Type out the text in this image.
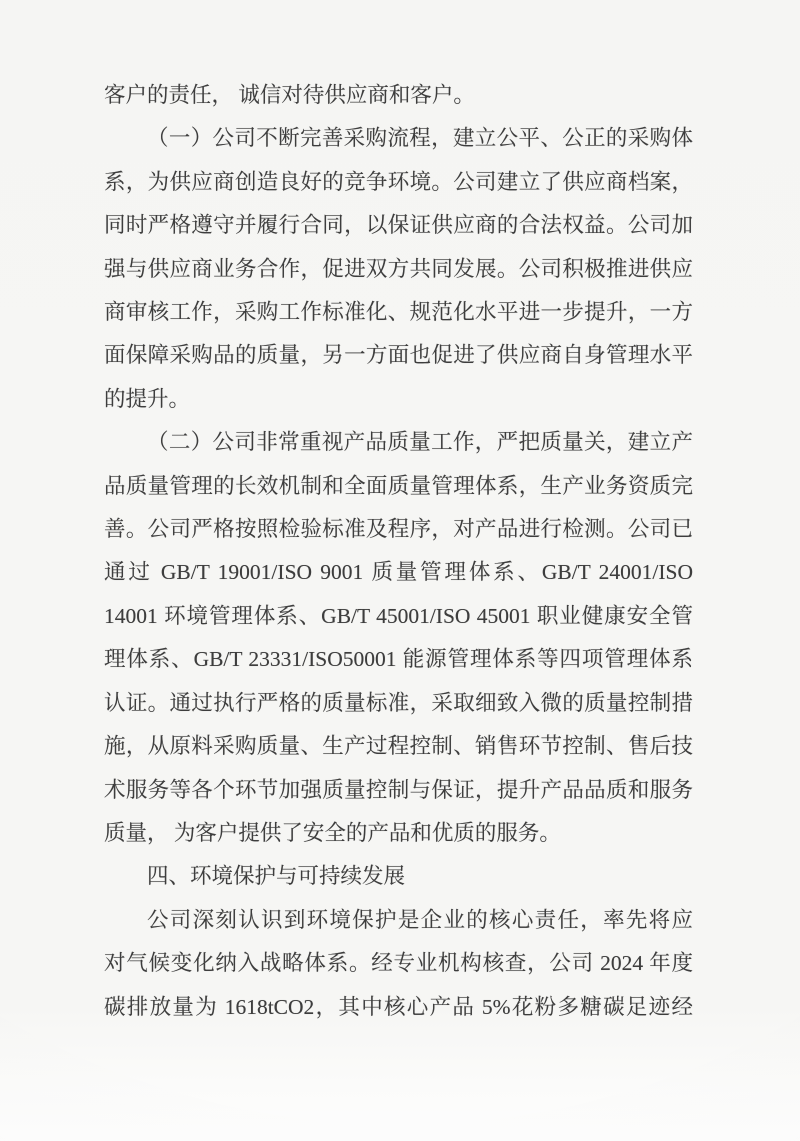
客户的责任， 诚信对待供应商和客户。
（一）公司不断完善采购流程，建立公平、公正的采购体
系，为供应商创造良好的竞争环境。公司建立了供应商档案，
同时严格遵守并履行合同，以保证供应商的合法权益。公司加
强与供应商业务合作，促进双方共同发展。公司积极推进供应
商审核工作，采购工作标准化、规范化水平进一步提升，一方
面保障采购品的质量，另一方面也促进了供应商自身管理水平
的提升。
（二）公司非常重视产品质量工作，严把质量关，建立产
品质量管理的长效机制和全面质量管理体系，生产业务资质完
善。公司严格按照检验标准及程序，对产品进行检测。公司已
通过 GB/T 19001/ISO 9001 质量管理体系、GB/T 24001/ISO
14001 环境管理体系、GB/T 45001/ISO 45001 职业健康安全管
理体系、GB/T 23331/ISO50001 能源管理体系等四项管理体系
认证。通过执行严格的质量标准，采取细致入微的质量控制措
施，从原料采购质量、生产过程控制、销售环节控制、售后技
术服务等各个环节加强质量控制与保证，提升产品品质和服务
质量， 为客户提供了安全的产品和优质的服务。
四、环境保护与可持续发展
公司深刻认识到环境保护是企业的核心责任，率先将应
对气候变化纳入战略体系。经专业机构核查，公司 2024 年度
碳排放量为 1618tCO2，其中核心产品 5%花粉多糖碳足迹经
